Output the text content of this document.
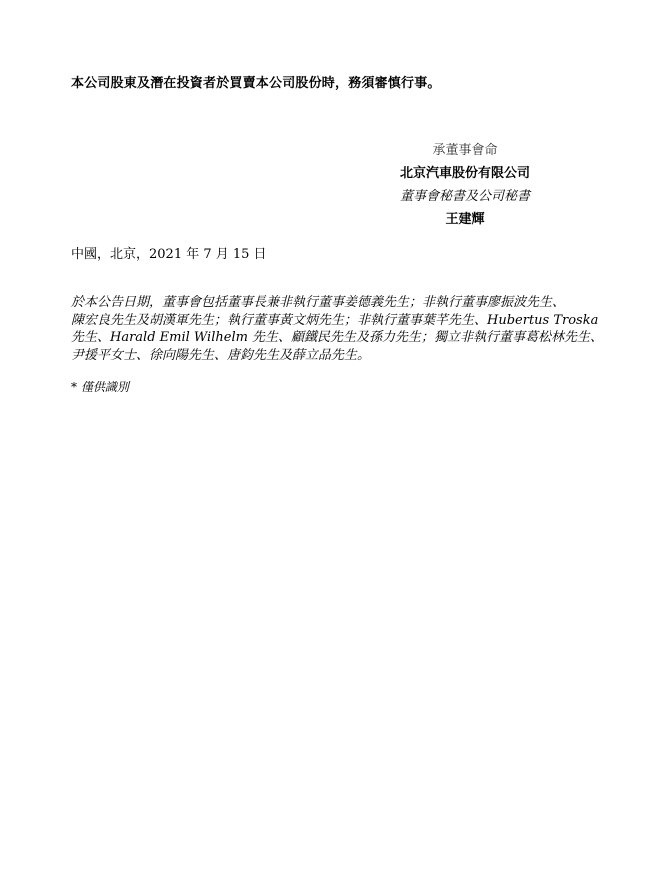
本公司股東及潛在投資者於買賣本公司股份時，務須審慎行事。
承董事會命
北京汽車股份有限公司
董事會秘書及公司秘書
王建輝
中國，北京，2021 年 7 月 15 日
於本公告日期，董事會包括董事長兼非執行董事姜德義先生；非執行董事廖振波先生、
陳宏良先生及胡漢軍先生；執行董事黃文炳先生；非執行董事葉芊先生、Hubertus Troska
先生、Harald Emil Wilhelm 先生、顧鐵民先生及孫力先生；獨立非執行董事葛松林先生、
尹援平女士、徐向陽先生、唐鈞先生及薛立品先生。
* 僅供識別
